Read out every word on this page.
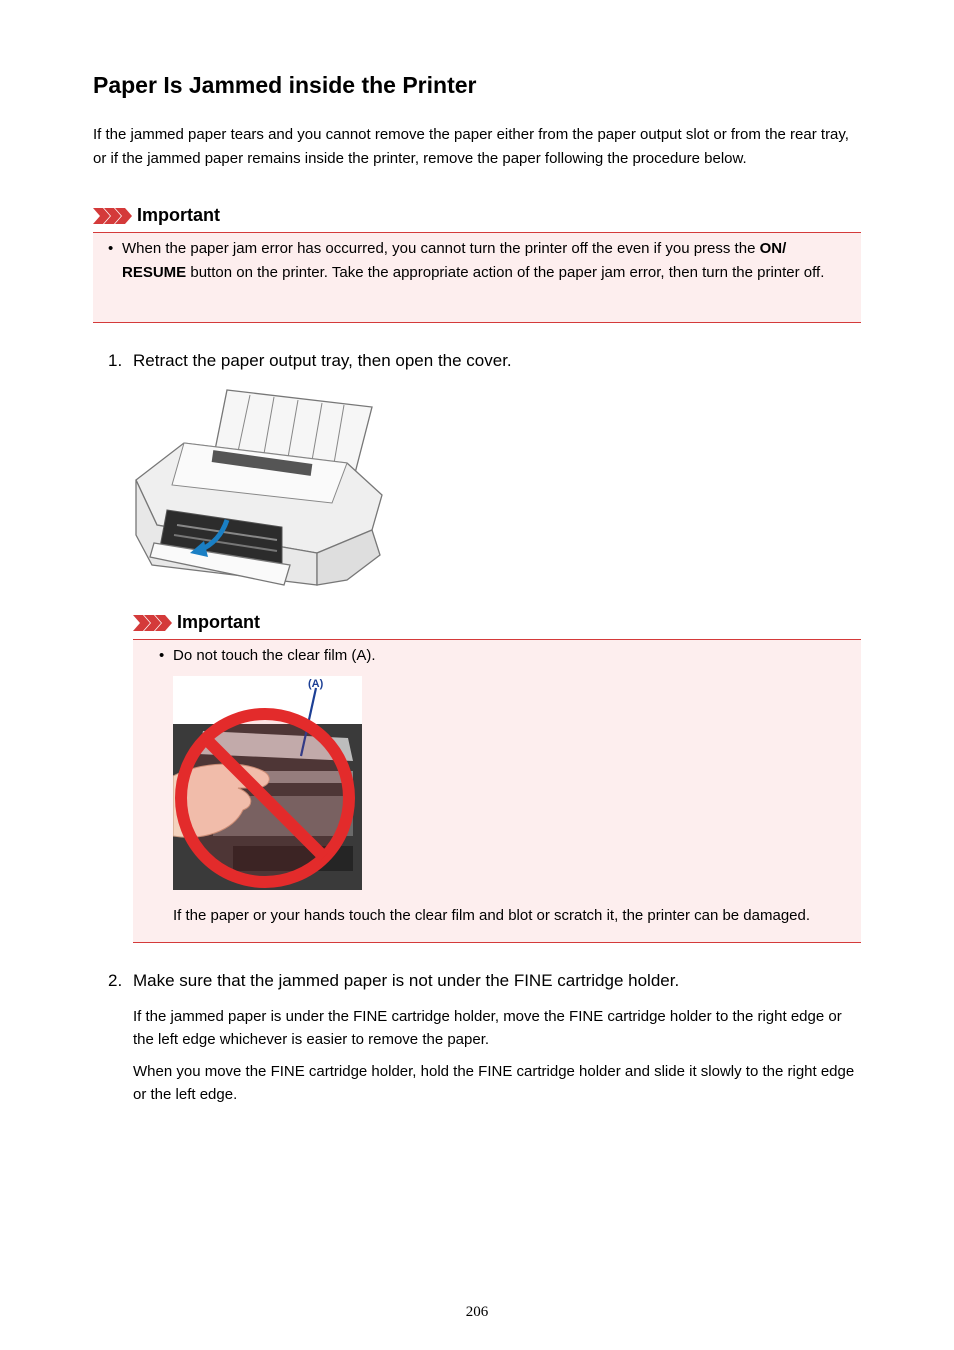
Paper Is Jammed inside the Printer

If the jammed paper tears and you cannot remove the paper either from the paper output slot or from the rear tray, or if the jammed paper remains inside the printer, remove the paper following the procedure below.

Important
• When the paper jam error has occurred, you cannot turn the printer off the even if you press the ON/ RESUME button on the printer. Take the appropriate action of the paper jam error, then turn the printer off.
1. Retract the paper output tray, then open the cover.
Important
• Do not touch the clear film (A).
(A)

If the paper or your hands touch the clear film and blot or scratch it, the printer can be damaged.

2. Make sure that the jammed paper is not under the FINE cartridge holder.

If the jammed paper is under the FINE cartridge holder, move the FINE cartridge holder to the right edge or the left edge whichever is easier to remove the paper.

When you move the FINE cartridge holder, hold the FINE cartridge holder and slide it slowly to the right edge or the left edge.

206
